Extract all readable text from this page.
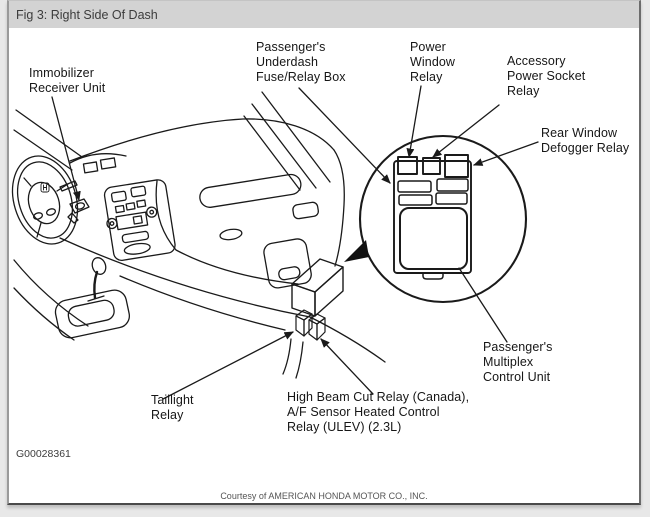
Fig 3: Right Side Of Dash
Immobilizer
Receiver Unit
Passenger's
Underdash
Fuse/Relay Box
Power
Window
Relay
Accessory
Power Socket
Relay
Rear Window
Defogger Relay
Passenger's
Multiplex
Control Unit
Taillight
Relay
High Beam Cut Relay (Canada),
A/F Sensor Heated Control
Relay (ULEV) (2.3L)
G00028361
Courtesy of AMERICAN HONDA MOTOR CO., INC.
